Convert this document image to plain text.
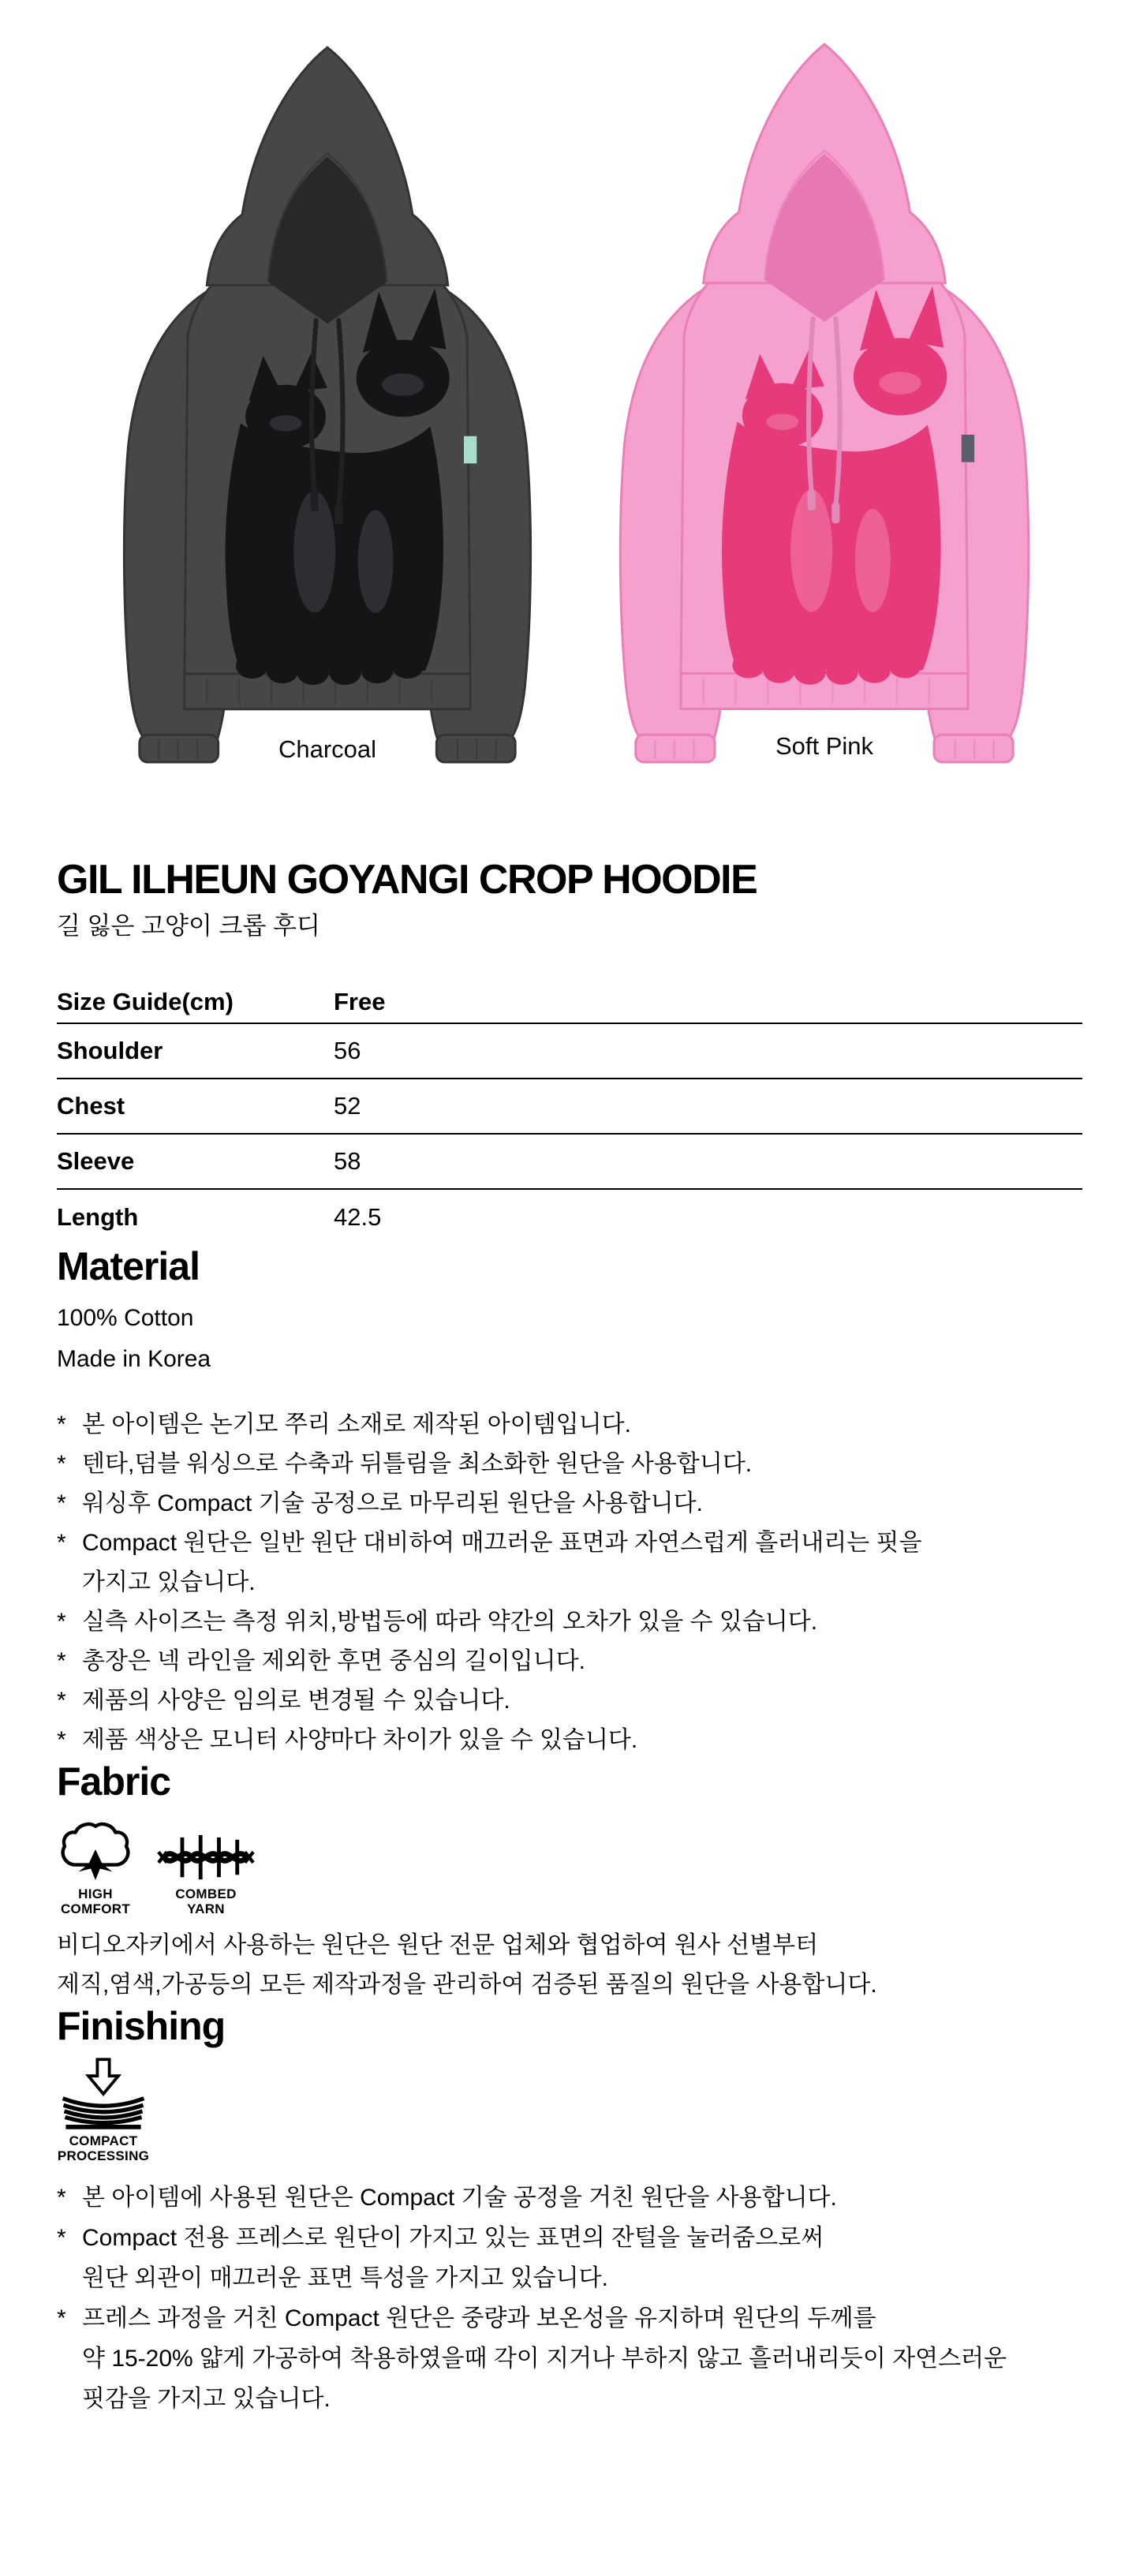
Charcoal	Soft Pink
GIL ILHEUN GOYANGI CROP HOODIE
길 잃은 고양이 크롭 후디
Size Guide(cm)	Free
Shoulder	56
Chest	52
Sleeve	58
Length	42.5
Material
100% Cotton
Made in Korea
* 본 아이템은 논기모 쭈리 소재로 제작된 아이템입니다.
* 텐타,덤블 워싱으로 수축과 뒤틀림을 최소화한 원단을 사용합니다.
* 워싱후 Compact 기술 공정으로 마무리된 원단을 사용합니다.
* Compact 원단은 일반 원단 대비하여 매끄러운 표면과 자연스럽게 흘러내리는 핏을
가지고 있습니다.
* 실측 사이즈는 측정 위치,방법등에 따라 약간의 오차가 있을 수 있습니다.
* 총장은 넥 라인을 제외한 후면 중심의 길이입니다.
* 제품의 사양은 임의로 변경될 수 있습니다.
* 제품 색상은 모니터 사양마다 차이가 있을 수 있습니다.
Fabric
HIGH
COMFORT
COMBED
YARN
비디오자키에서 사용하는 원단은 원단 전문 업체와 협업하여 원사 선별부터
제직,염색,가공등의 모든 제작과정을 관리하여 검증된 품질의 원단을 사용합니다.
Finishing
COMPACT
PROCESSING
* 본 아이템에 사용된 원단은 Compact 기술 공정을 거친 원단을 사용합니다.
* Compact 전용 프레스로 원단이 가지고 있는 표면의 잔털을 눌러줌으로써
원단 외관이 매끄러운 표면 특성을 가지고 있습니다.
* 프레스 과정을 거친 Compact 원단은 중량과 보온성을 유지하며 원단의 두께를
약 15-20% 얇게 가공하여 착용하였을때 각이 지거나 부하지 않고 흘러내리듯이 자연스러운
핏감을 가지고 있습니다.
